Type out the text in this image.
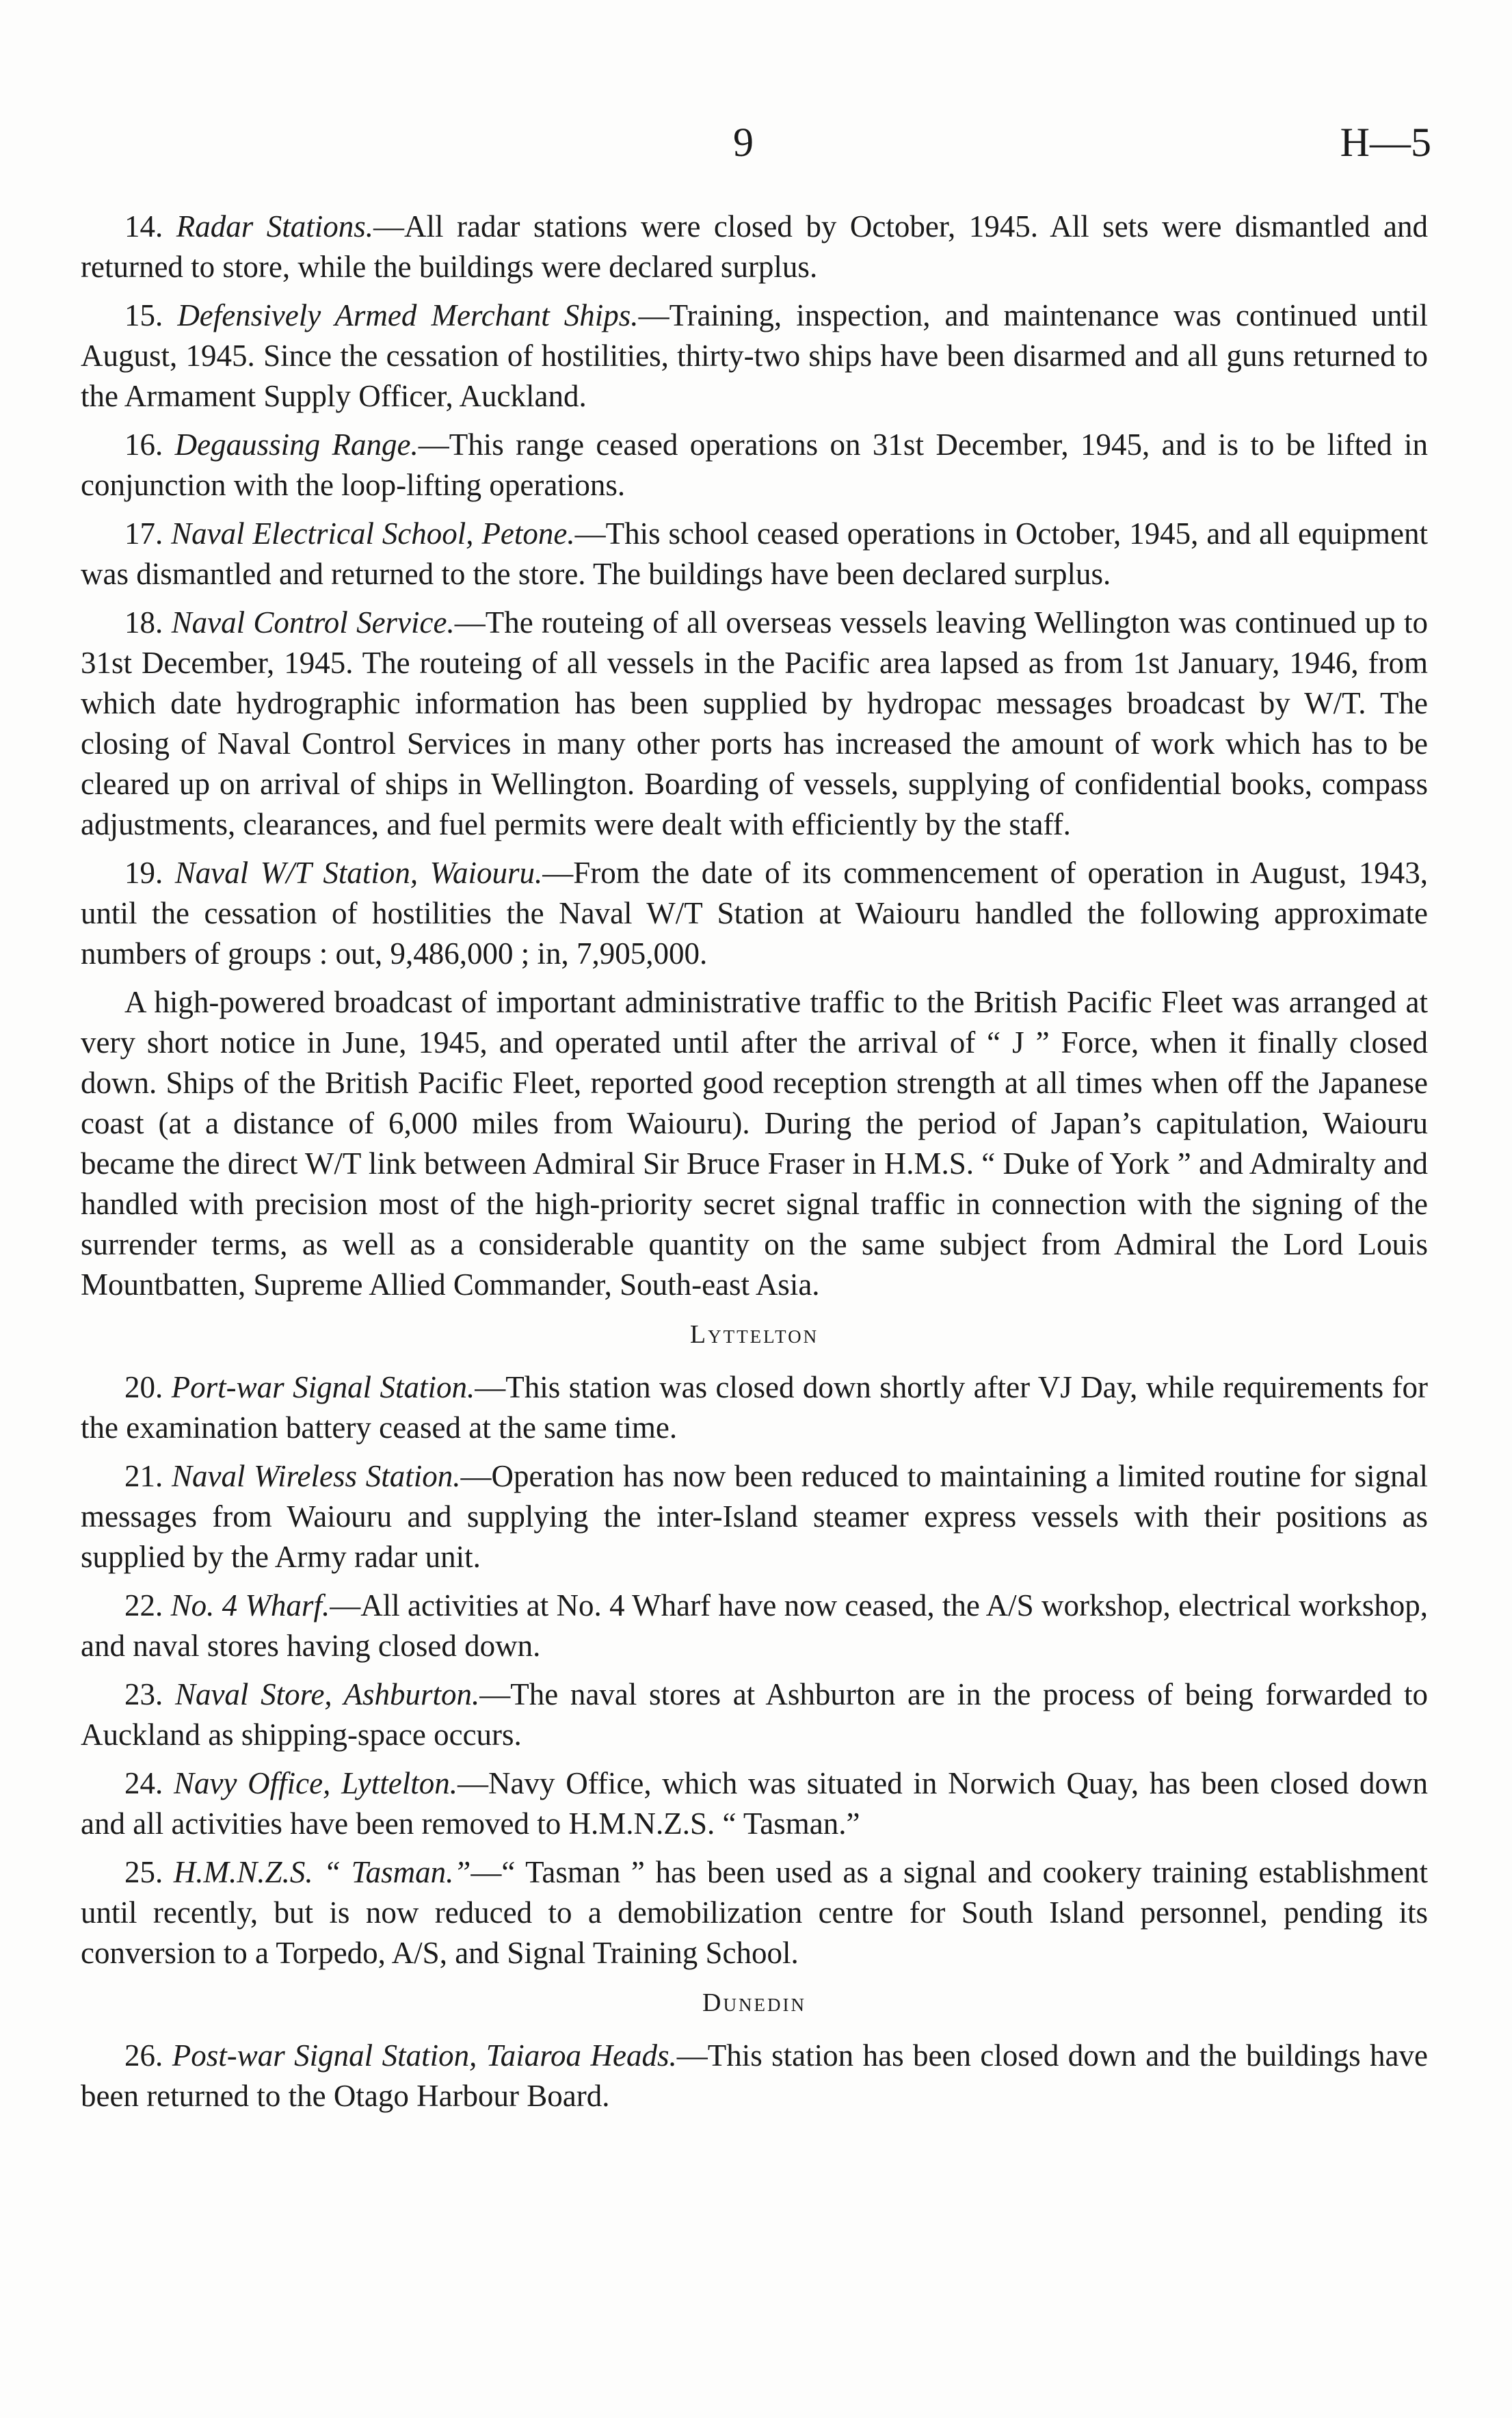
9	H—5

14. Radar Stations.—All radar stations were closed by October, 1945. All sets were dismantled and returned to store, while the buildings were declared surplus.

15. Defensively Armed Merchant Ships.—Training, inspection, and maintenance was continued until August, 1945. Since the cessation of hostilities, thirty-two ships have been disarmed and all guns returned to the Armament Supply Officer, Auckland.

16. Degaussing Range.—This range ceased operations on 31st December, 1945, and is to be lifted in conjunction with the loop-lifting operations.

17. Naval Electrical School, Petone.—This school ceased operations in October, 1945, and all equipment was dismantled and returned to the store. The buildings have been declared surplus.

18. Naval Control Service.—The routeing of all overseas vessels leaving Wellington was continued up to 31st December, 1945. The routeing of all vessels in the Pacific area lapsed as from 1st January, 1946, from which date hydrographic information has been supplied by hydropac messages broadcast by W/T. The closing of Naval Control Services in many other ports has increased the amount of work which has to be cleared up on arrival of ships in Wellington. Boarding of vessels, supplying of confidential books, compass adjustments, clearances, and fuel permits were dealt with efficiently by the staff.

19. Naval W/T Station, Waiouru.—From the date of its commencement of operation in August, 1943, until the cessation of hostilities the Naval W/T Station at Waiouru handled the following approximate numbers of groups : out, 9,486,000 ; in, 7,905,000.

A high-powered broadcast of important administrative traffic to the British Pacific Fleet was arranged at very short notice in June, 1945, and operated until after the arrival of “ J ” Force, when it finally closed down. Ships of the British Pacific Fleet, reported good reception strength at all times when off the Japanese coast (at a distance of 6,000 miles from Waiouru). During the period of Japan’s capitulation, Waiouru became the direct W/T link between Admiral Sir Bruce Fraser in H.M.S. “ Duke of York ” and Admiralty and handled with precision most of the high-priority secret signal traffic in connection with the signing of the surrender terms, as well as a considerable quantity on the same subject from Admiral the Lord Louis Mountbatten, Supreme Allied Commander, South-east Asia.

Lyttelton

20. Port-war Signal Station.—This station was closed down shortly after VJ Day, while requirements for the examination battery ceased at the same time.

21. Naval Wireless Station.—Operation has now been reduced to maintaining a limited routine for signal messages from Waiouru and supplying the inter-Island steamer express vessels with their positions as supplied by the Army radar unit.

22. No. 4 Wharf.—All activities at No. 4 Wharf have now ceased, the A/S workshop, electrical workshop, and naval stores having closed down.

23. Naval Store, Ashburton.—The naval stores at Ashburton are in the process of being forwarded to Auckland as shipping-space occurs.

24. Navy Office, Lyttelton.—Navy Office, which was situated in Norwich Quay, has been closed down and all activities have been removed to H.M.N.Z.S. “ Tasman.”

25. H.M.N.Z.S. “ Tasman.”—“ Tasman ” has been used as a signal and cookery training establishment until recently, but is now reduced to a demobilization centre for South Island personnel, pending its conversion to a Torpedo, A/S, and Signal Training School.

Dunedin

26. Post-war Signal Station, Taiaroa Heads.—This station has been closed down and the buildings have been returned to the Otago Harbour Board.
